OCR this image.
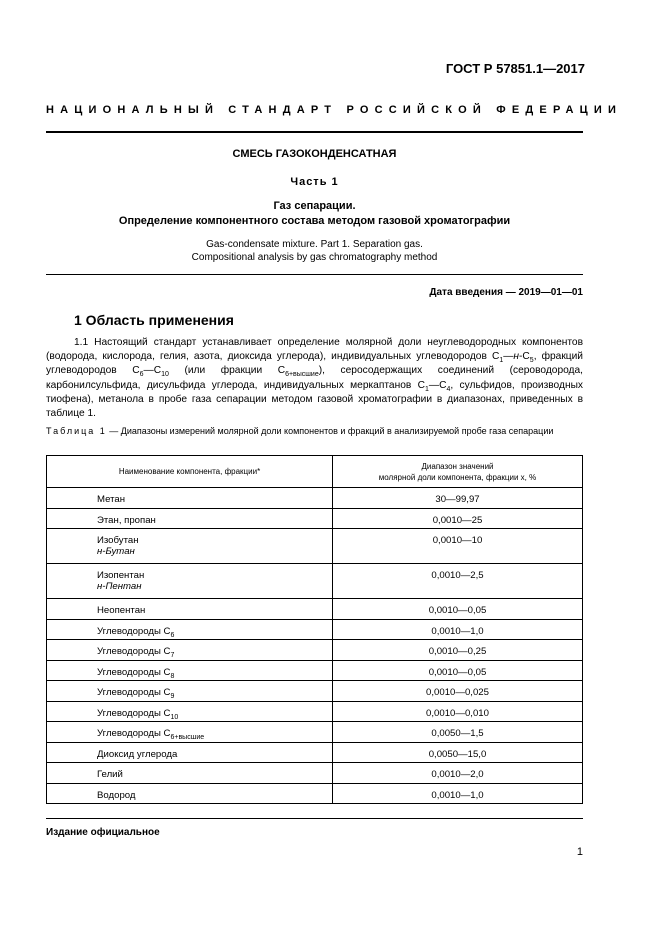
ГОСТ Р 57851.1—2017
НАЦИОНАЛЬНЫЙ СТАНДАРТ РОССИЙСКОЙ ФЕДЕРАЦИИ
СМЕСЬ ГАЗОКОНДЕНСАТНАЯ
Часть 1
Газ сепарации.
Определение компонентного состава методом газовой хроматографии
Gas-condensate mixture. Part 1. Separation gas.
Compositional analysis by gas chromatography method
Дата введения — 2019—01—01
1 Область применения
1.1 Настоящий стандарт устанавливает определение молярной доли неуглеводородных компонентов (водорода, кислорода, гелия, азота, диоксида углерода), индивидуальных углеводородов $C_1—н-C_5$, фракций углеводородов $C_6—C_{10}$ (или фракции $C_{6+высшие}$), серосодержащих соединений (сероводорода, карбонилсульфида, дисульфида углерода, индивидуальных меркаптанов $C_1—C_4$, сульфидов, производных тиофена), метанола в пробе газа сепарации методом газовой хроматографии в диапазонах, приведенных в таблице 1.
Таблица 1 — Диапазоны измерений молярной доли компонентов и фракций в анализируемой пробе газа сепарации
Наименование компонента, фракции*	Диапазон значений
молярной доли компонента, фракции x, %
Метан	30—99,97
Этан, пропан	0,0010—25
Изобутан
н-Бутан	0,0010—10
Изопентан
н-Пентан	0,0010—2,5
Неопентан	0,0010—0,05
Углеводороды $C_6$	0,0010—1,0
Углеводороды $C_7$	0,0010—0,25
Углеводороды $C_8$	0,0010—0,05
Углеводороды $C_9$	0,0010—0,025
Углеводороды $C_{10}$	0,0010—0,010
Углеводороды $C_{6+высшие}$	0,0050—1,5
Диоксид углерода	0,0050—15,0
Гелий	0,0010—2,0
Водород	0,0010—1,0
Издание официальное
1
